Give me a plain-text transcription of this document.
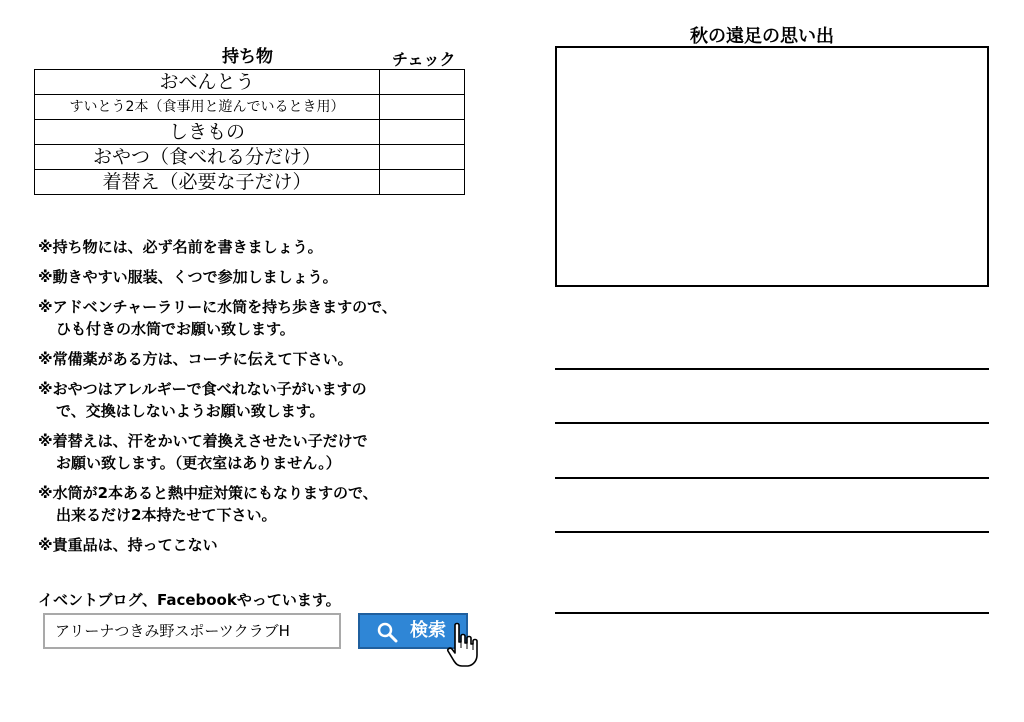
持ち物	チェック
おべんとう	
すいとう2本（食事用と遊んでいるとき用）	
しきもの	
おやつ（食べれる分だけ）	
着替え（必要な子だけ）	
※持ち物には、必ず名前を書きましょう。
※動きやすい服装、くつで参加しましょう。
※アドベンチャーラリーに水筒を持ち歩きますので、
ひも付きの水筒でお願い致します。
※常備薬がある方は、コーチに伝えて下さい。
※おやつはアレルギーで食べれない子がいますの
で、交換はしないようお願い致します。
※着替えは、汗をかいて着換えさせたい子だけで
お願い致します。（更衣室はありません。）
※水筒が2本あると熱中症対策にもなりますので、
出来るだけ2本持たせて下さい。
※貴重品は、持ってこない
イベントブログ、Facebookやっています。
アリーナつきみ野スポーツクラブH	検索
秋の遠足の思い出
